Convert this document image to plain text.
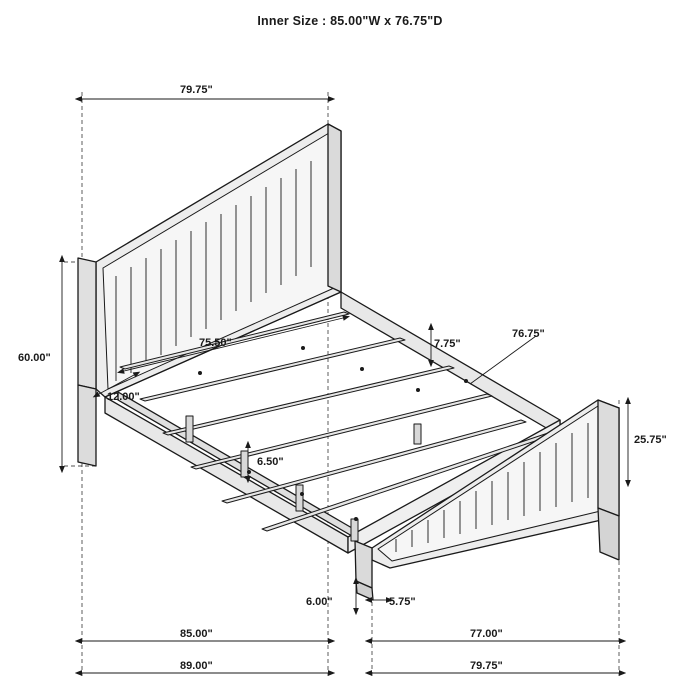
Inner Size : 85.00"W x 76.75"D
79.75"
60.00"
75.50"	7.75"
76.75"
12.00"
25.75"
6.50"
6.00"	5.75"
85.00"	77.00"
89.00"	79.75"
